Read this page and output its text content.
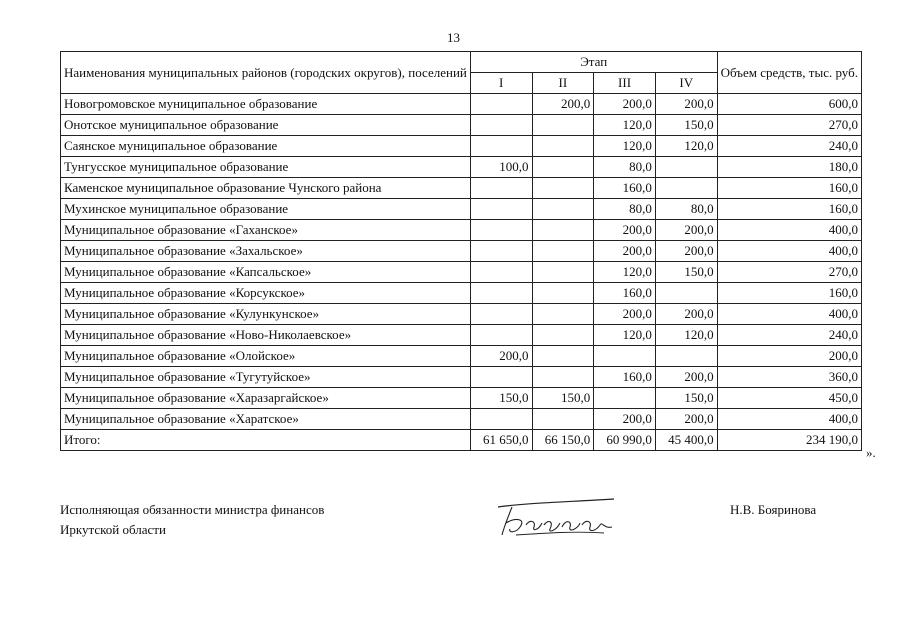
13
Наименования муниципальных районов (городских округов), поселений	Этап				Объем средств, тыс. руб.
	I	II	III	IV	
Новогромовское муниципальное образование		200,0	200,0	200,0	600,0
Онотское муниципальное образование			120,0	150,0	270,0
Саянское муниципальное образование			120,0	120,0	240,0
Тунгусское муниципальное образование	100,0		80,0		180,0
Каменское муниципальное образование Чунского района			160,0		160,0
Мухинское муниципальное образование			80,0	80,0	160,0
Муниципальное образование «Гаханское»			200,0	200,0	400,0
Муниципальное образование «Захальское»			200,0	200,0	400,0
Муниципальное образование «Капсальское»			120,0	150,0	270,0
Муниципальное образование «Корсукское»			160,0		160,0
Муниципальное образование «Кулункунское»			200,0	200,0	400,0
Муниципальное образование «Ново-Николаевское»			120,0	120,0	240,0
Муниципальное образование «Олойское»	200,0				200,0
Муниципальное образование «Тугутуйское»			160,0	200,0	360,0
Муниципальное образование «Харазаргайское»	150,0	150,0		150,0	450,0
Муниципальное образование «Харатское»			200,0	200,0	400,0
Итого:	61 650,0	66 150,0	60 990,0	45 400,0	234 190,0
».
Исполняющая обязанности министра финансов
Иркутской области
Н.В. Бояринова
